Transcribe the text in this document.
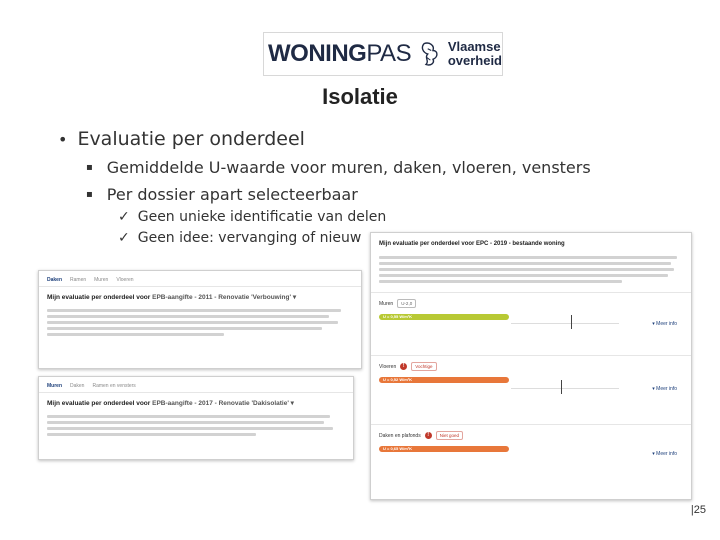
WONINGPAS	Vlaamse
overheid
Isolatie
• Evaluatie per onderdeel
▪ Gemiddelde U-waarde voor muren, daken, vloeren, vensters
▪ Per dossier apart selecteerbaar
✓ Geen unieke identificatie van delen
✓ Geen idee: vervanging of nieuw
Daken Ramen Muren Vloeren
Mijn evaluatie per onderdeel voor EPB-aangifte - 2011 - Renovatie 'Verbouwing' ▾
Muren Daken Ramen en vensters
Mijn evaluatie per onderdeel voor EPB-aangifte - 2017 - Renovatie 'Dakisolatie' ▾
Mijn evaluatie per onderdeel voor EPC - 2019 - bestaande woning
Muren	U-2,0
U = 0,55 W/m²K
▾ Meer info
Vloeren	!	Vochtige
U = 0,52 W/m²K
▾ Meer info
Daken en plafonds	!	Niet goed
U = 0,65 W/m²K
▾ Meer info
|25
